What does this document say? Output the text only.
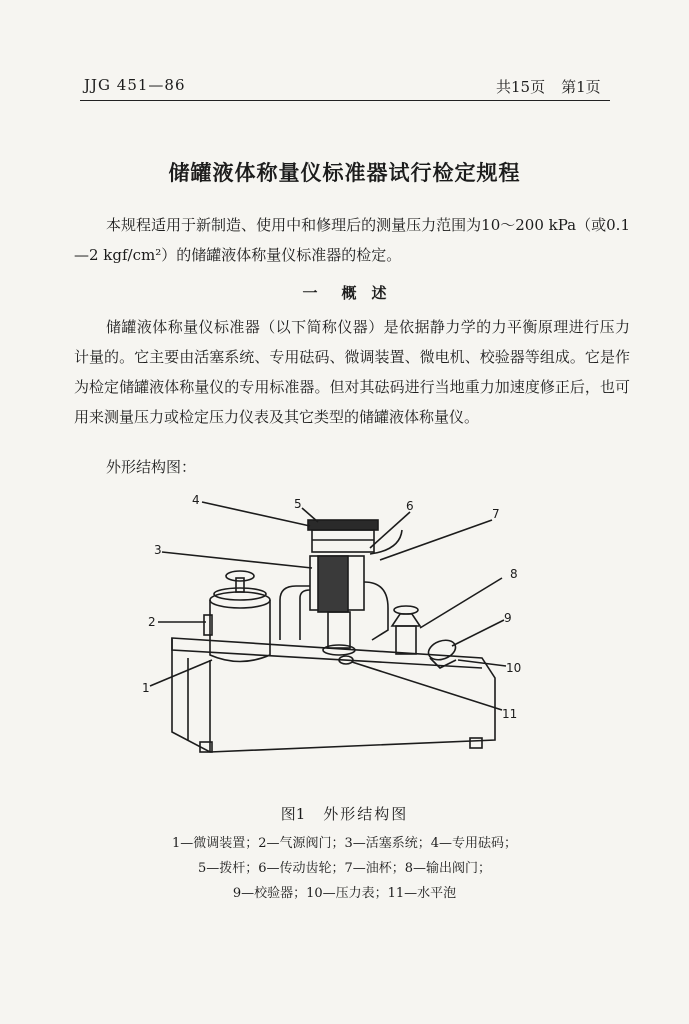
JJG 451—86	共15页 第1页
储罐液体称量仪标准器试行检定规程
本规程适用于新制造、使用中和修理后的测量压力范围为10～200 kPa（或0.1—2 kgf/cm²）的储罐液体称量仪标准器的检定。
一 概　述
储罐液体称量仪标准器（以下简称仪器）是依据静力学的力平衡原理进行压力计量的。它主要由活塞系统、专用砝码、微调装置、微电机、校验器等组成。它是作为检定储罐液体称量仪的专用标准器。但对其砝码进行当地重力加速度修正后，也可用来测量压力或检定压力仪表及其它类型的储罐液体称量仪。
外形结构图：
4	5	6
7
3
8
2	9
10
1
11
图1 外形结构图
1—微调装置；2—气源阀门；3—活塞系统；4—专用砝码；
5—拨杆；6—传动齿轮；7—油杯；8—输出阀门；
9—校验器；10—压力表；11—水平泡
